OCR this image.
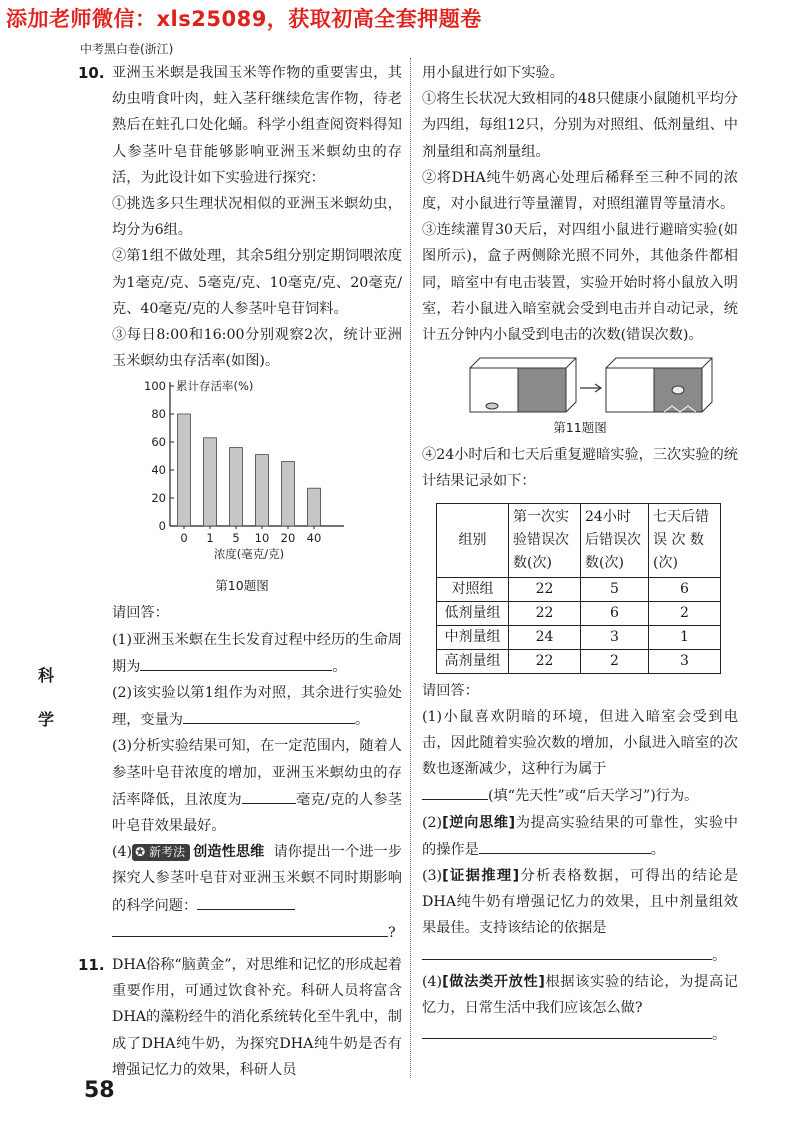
添加老师微信：xls25089，获取初高全套押题卷
中考黑白卷(浙江)
科
学
10. 亚洲玉米螟是我国玉米等作物的重要害虫，其幼虫啃食叶肉，蛀入茎秆继续危害作物，待老熟后在蛀孔口处化蛹。科学小组查阅资料得知人参茎叶皂苷能够影响亚洲玉米螟幼虫的存活，为此设计如下实验进行探究：
①挑选多只生理状况相似的亚洲玉米螟幼虫，均分为6组。
②第1组不做处理，其余5组分别定期饲喂浓度为1毫克/克、5毫克/克、10毫克/克、20毫克/克、40毫克/克的人参茎叶皂苷饲料。
③每日8:00和16:00分别观察2次，统计亚洲玉米螟幼虫存活率(如图)。
100
80
60
40
20
0
累计存活率(%)
0 1 5 10 20 40
浓度(毫克/克)
第10题图
请回答：
(1)亚洲玉米螟在生长发育过程中经历的生命周期为	。
(2)该实验以第1组作为对照，其余进行实验处理，变量为	。
(3)分析实验结果可知，在一定范围内，随着人参茎叶皂苷浓度的增加，亚洲玉米螟幼虫的存活率降低，且浓度为	毫克/克的人参茎叶皂苷效果最好。
(4) ✪ 新考法 创造性思维 请你提出一个进一步探究人参茎叶皂苷对亚洲玉米螟不同时期影响的科学问题：
?
11. DHA俗称“脑黄金”，对思维和记忆的形成起着重要作用，可通过饮食补充。科研人员将富含DHA的藻粉经牛的消化系统转化至牛乳中，制成了DHA纯牛奶，为探究DHA纯牛奶是否有增强记忆力的效果，科研人员
用小鼠进行如下实验。
①将生长状况大致相同的48只健康小鼠随机平均分为四组，每组12只，分别为对照组、低剂量组、中剂量组和高剂量组。
②将DHA纯牛奶离心处理后稀释至三种不同的浓度，对小鼠进行等量灌胃，对照组灌胃等量清水。
③连续灌胃30天后，对四组小鼠进行避暗实验(如图所示)，盒子两侧除光照不同外，其他条件都相同，暗室中有电击装置，实验开始时将小鼠放入明室，若小鼠进入暗室就会受到电击并自动记录，统计五分钟内小鼠受到电击的次数(错误次数)。
第11题图
④24小时后和七天后重复避暗实验，三次实验的统计结果记录如下：
组别	第一次实
验错误次
数(次)	24小时
后错误次
数(次)	七天后错
误 次 数
(次)

对照组	22	5	6
低剂量组	22	6	2
中剂量组	24	3	1
高剂量组	22	2	3
请回答：
(1)小鼠喜欢阴暗的环境，但进入暗室会受到电击，因此随着实验次数的增加，小鼠进入暗室的次数也逐渐减少，这种行为属于
(填“先天性”或“后天学习”)行为。
(2)[逆向思维]为提高实验结果的可靠性，实验中的操作是	。
(3)[证据推理]分析表格数据，可得出的结论是DHA纯牛奶有增强记忆力的效果，且中剂量组效果最佳。支持该结论的依据是
。
(4)[做法类开放性]根据该实验的结论，为提高记忆力，日常生活中我们应该怎么做?
。
58
